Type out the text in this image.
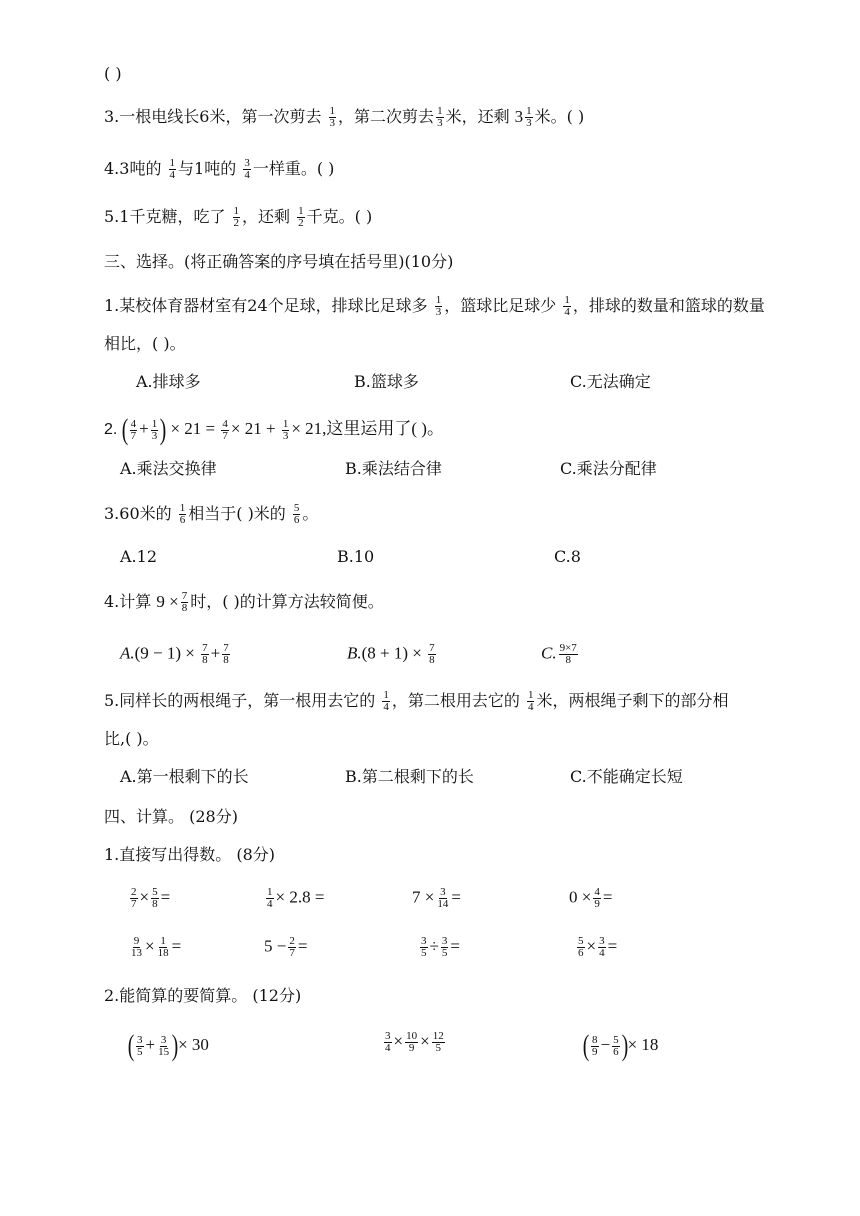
( )
3.一根电线长6米，第一次剪去 $\frac{1}{3}$ ，第二次剪去 $\frac{1}{3}$ 米，还剩 $3 \frac{1}{3}$ 米。( )
4.3吨的 $\frac{1}{4}$ 与1吨的 $\frac{3}{4}$ 一样重。( )
5.1千克糖，吃了 $\frac{1}{2}$ ，还剩 $\frac{1}{2}$ 千克。( )
三、选择。(将正确答案的序号填在括号里)(10分)
1.某校体育器材室有24个足球，排球比足球多 $\frac{1}{3}$ ，篮球比足球少 $\frac{1}{4}$ ，排球的数量和篮球的数量
相比，( )。
A.排球多	B.篮球多	C.无法确定
2. ( $\frac{4}{7} + \frac{1}{3}$ ) × $21 = \frac{4}{7} \times 21 + \frac{1}{3} \times 21$,这里运用了( )。
A.乘法交换律	B.乘法结合律	C.乘法分配律
3.60米的 $\frac{1}{6}$ 相当于( )米的 $\frac{5}{6}$ 。
A.12	B.10	C.8
4.计算 $9 \times \frac{7}{8}$ 时，( )的计算方法较简便。
$A.(9 - 1) \times \frac{7}{8} + \frac{7}{8}$	$B.(8 + 1) \times \frac{7}{8}$	C. $\frac{9\times 7}{8}$
5.同样长的两根绳子，第一根用去它的 $\frac{1}{4}$ ，第二根用去它的 $\frac{1}{4}$ 米，两根绳子剩下的部分相
比,( )。
A.第一根剩下的长	B.第二根剩下的长	C.不能确定长短
四、计算。 (28分)
1.直接写出得数。 (8分)
$\frac{2}{7} \times \frac{5}{8}$ =	$\frac{1}{4} \times 2.8$ =	$7 \times \frac{3}{14}$ =	$0 \times \frac{4}{9}$ =
$\frac{9}{13} \times \frac{1}{18}$ =	$5 - \frac{2}{7}$ =	$\frac{3}{5} \div \frac{3}{5}$ =	$\frac{5}{6} \times \frac{3}{4}$ =
2.能简算的要简算。 (12分)
( $\frac{3}{5} + \frac{3}{15}$ )× 30	$\frac{3}{4} \times \frac{10}{9} \times \frac{12}{5}$	( $\frac{8}{9} - \frac{5}{6}$ )× 18
